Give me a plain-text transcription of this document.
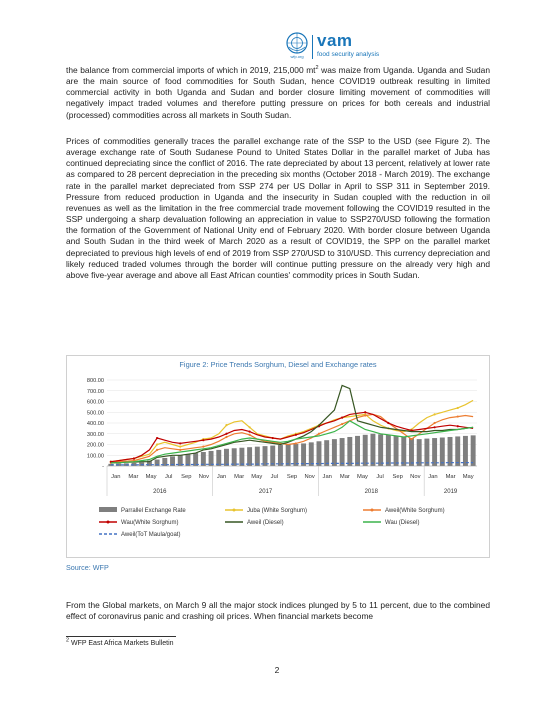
wfp.org
vam
food security analysis

the balance from commercial imports of which in 2019, 215,000 $mt^2$ was maize from Uganda. Uganda and Sudan are the main source of food commodities for South Sudan, hence COVID19 outbreak resulting in limited commercial activity in both Uganda and Sudan and border closure limiting movement of commodities will negatively impact traded volumes and therefore putting pressure on prices for both cereals and industrial (processed) commodities across all markets in South Sudan.

Prices of commodities generally traces the parallel exchange rate of the SSP to the USD (see Figure 2). The average exchange rate of South Sudanese Pound to United States Dollar in the parallel market of Juba has continued depreciating since the conflict of 2016. The rate depreciated by about 13 percent, relatively at lower rate as compared to 28 percent depreciation in the preceding six months (October 2018 - March 2019). The exchange rate in the parallel market depreciated from SSP 274 per US Dollar in April to SSP 311 in September 2019. Pressure from reduced production in Uganda and the insecurity in Sudan coupled with the reduction in oil revenues as well as the limitation in the free commercial trade movement following the COVID19 resulted in the SSP undergoing a sharp devaluation following an appreciation in value to SSP270/USD following the formation the formation of the Government of National Unity end of February 2020. With border closure between Uganda and South Sudan in the third week of March 2020 as a result of COVID19, the SPP on the parallel market depreciated to previous high levels of end of 2019 from SSP 270/USD to 310/USD. This currency depreciation and likely reduced traded volumes through the border will continue putting pressure on the already very high and above five-year average and above all East African counties' commodity prices in South Sudan.

Figure 2: Price Trends Sorghum, Diesel and Exchange rates
800.00
700.00
600.00
500.00
400.00
300.00
200.00
100.00
-
Jan Mar May Jul Sep Nov Jan Mar May Jul Sep Nov Jan Mar May Jul Sep Nov Jan Mar May
2016	2017	2018	2019
Parrallel Exchange Rate	Juba (White Sorghum)	Aweil(White Sorghum)
Wau(White Sorghum)	Aweil (Diesel)	Wau (Diesel)
Aweil(ToT Maula/goat)
Source: WFP

From the Global markets, on March 9 all the major stock indices plunged by 5 to 11 percent, due to the combined effect of coronavirus panic and crashing oil prices. When financial markets become

$^2$ WFP East Africa Markets Bulletin
2
